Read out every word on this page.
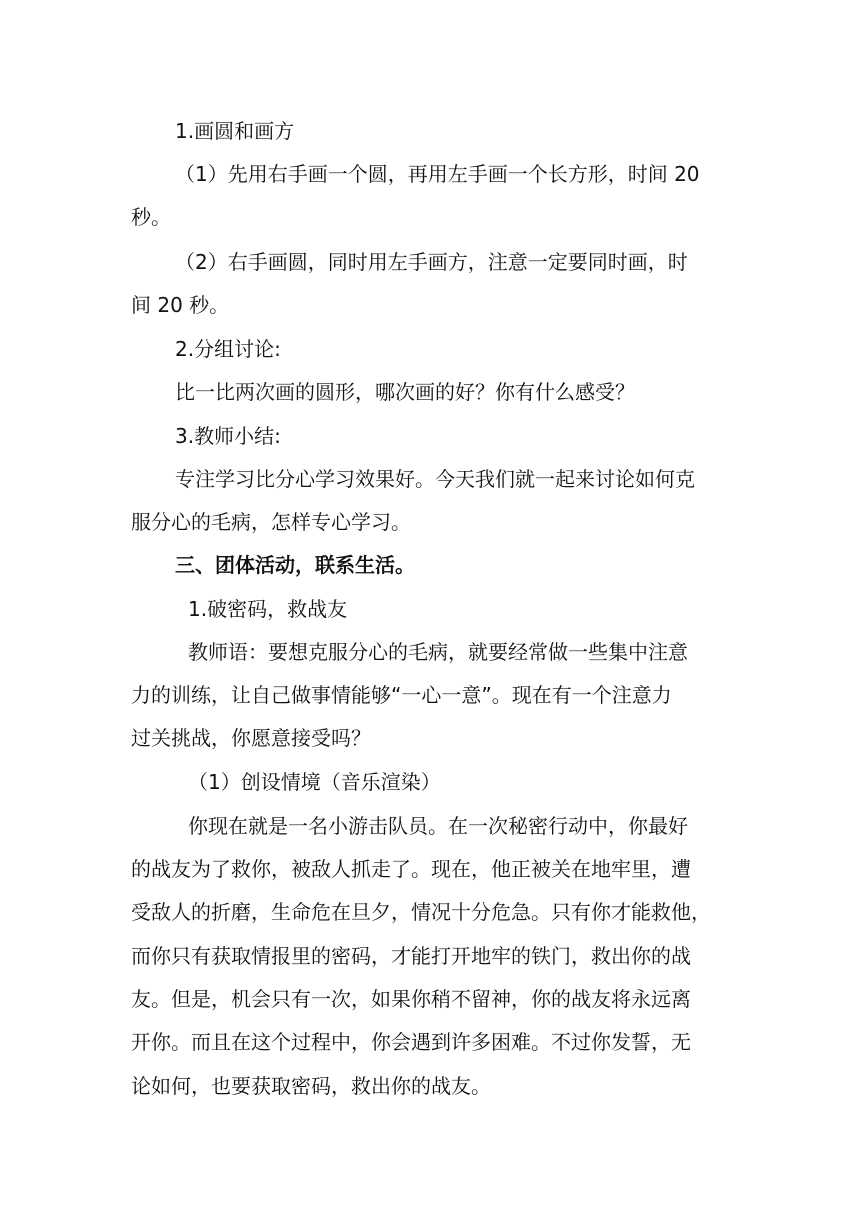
1.画圆和画方
（1）先用右手画一个圆，再用左手画一个长方形，时间 20
秒。
（2）右手画圆，同时用左手画方，注意一定要同时画，时
间 20 秒。
2.分组讨论:
比一比两次画的圆形，哪次画的好？你有什么感受？
3.教师小结:
专注学习比分心学习效果好。今天我们就一起来讨论如何克
服分心的毛病，怎样专心学习。
三、团体活动，联系生活。
1.破密码，救战友
教师语：要想克服分心的毛病，就要经常做一些集中注意
力的训练，让自己做事情能够“一心一意”。现在有一个注意力
过关挑战，你愿意接受吗？
（1）创设情境（音乐渲染）
你现在就是一名小游击队员。在一次秘密行动中，你最好
的战友为了救你，被敌人抓走了。现在，他正被关在地牢里，遭
受敌人的折磨，生命危在旦夕，情况十分危急。只有你才能救他，
而你只有获取情报里的密码，才能打开地牢的铁门，救出你的战
友。但是，机会只有一次，如果你稍不留神，你的战友将永远离
开你。而且在这个过程中，你会遇到许多困难。不过你发誓，无
论如何，也要获取密码，救出你的战友。
